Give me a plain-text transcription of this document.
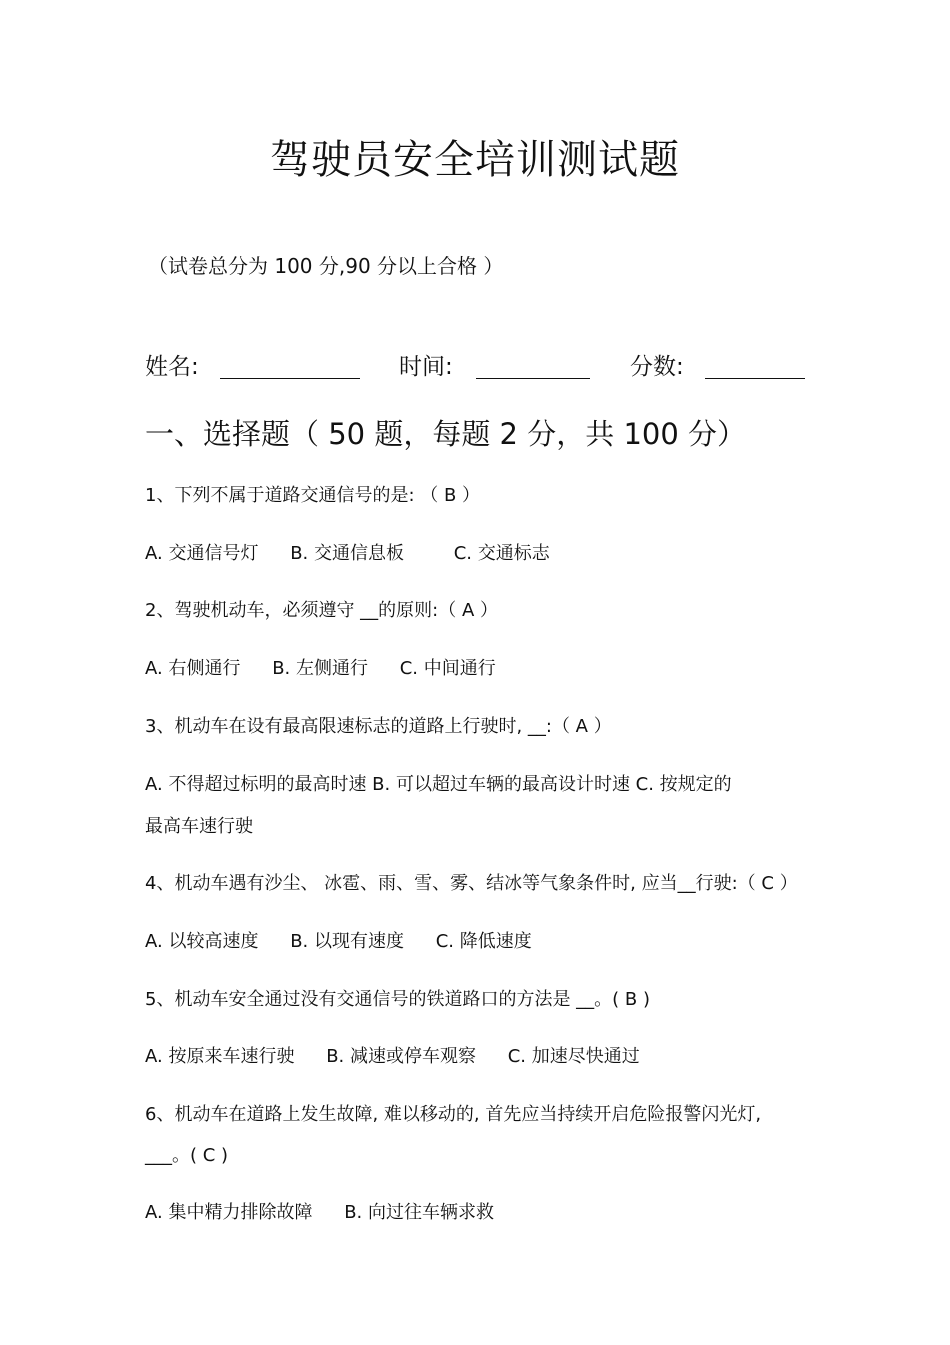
驾驶员安全培训测试题
（试卷总分为 100 分,90 分以上合格 ）
姓名:	时间:	分数:
一、选择题（ 50 题，每题 2 分，共 100 分）
1、下列不属于道路交通信号的是: （ B ）
A. 交通信号灯 B. 交通信息板	C. 交通标志
2、驾驶机动车，必须遵守 __的原则:（ A ）
A. 右侧通行 B. 左侧通行 C. 中间通行
3、机动车在设有最高限速标志的道路上行驶时, __:（ A ）
A. 不得超过标明的最高时速 B. 可以超过车辆的最高设计时速 C. 按规定的
最高车速行驶
4、机动车遇有沙尘、 冰雹、雨、雪、雾、结冰等气象条件时, 应当__行驶:（ C ）
A. 以较高速度 B. 以现有速度 C. 降低速度
5、机动车安全通过没有交通信号的铁道路口的方法是 __。( B )
A. 按原来车速行驶 B. 减速或停车观察 C. 加速尽快通过
6、机动车在道路上发生故障, 难以移动的, 首先应当持续开启危险报警闪光灯,
___。( C )
A. 集中精力排除故障 B. 向过往车辆求救
